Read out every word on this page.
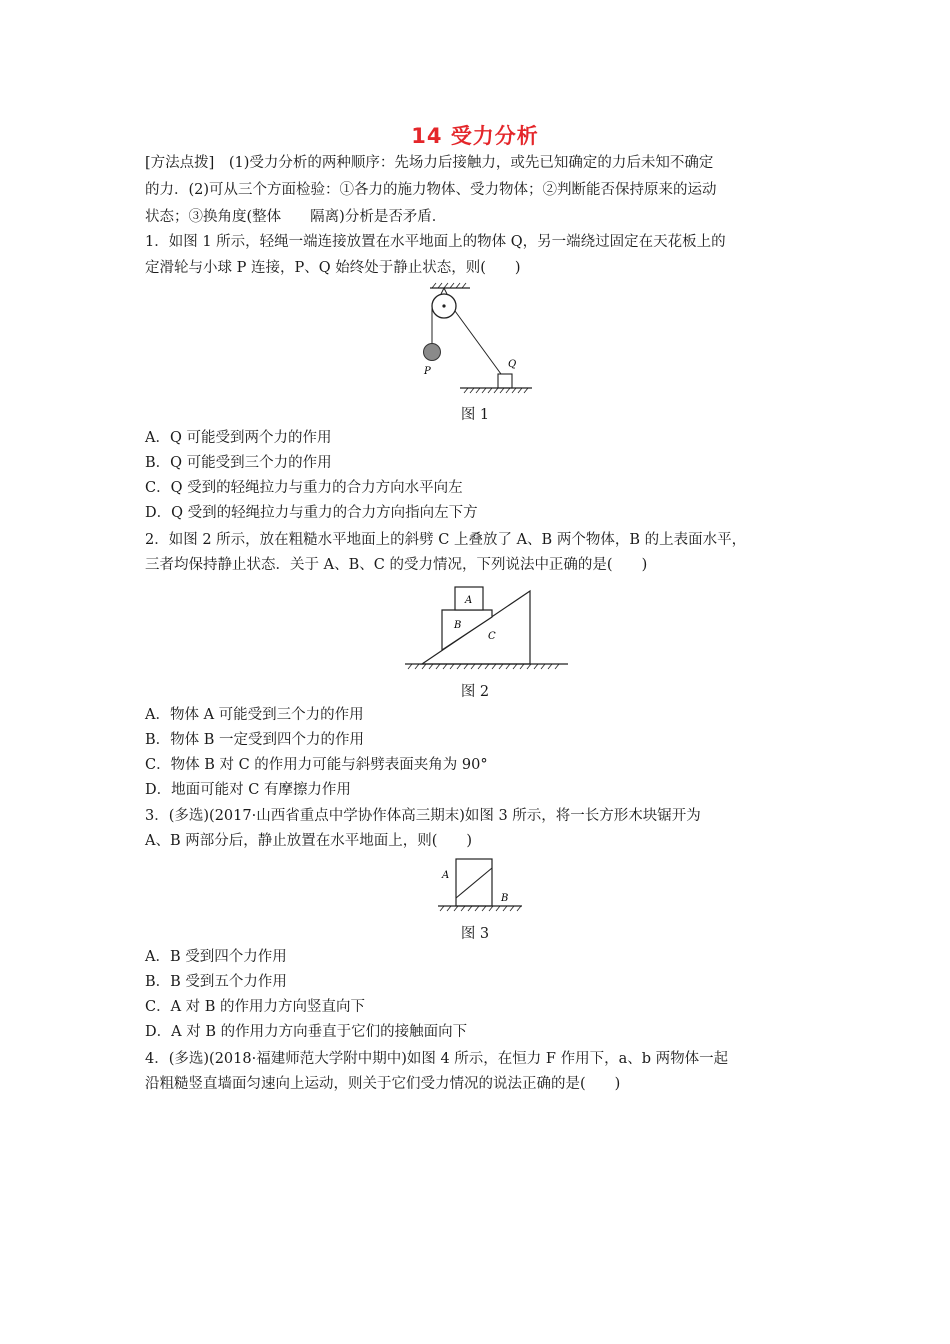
14 受力分析
[方法点拨]　(1)受力分析的两种顺序：先场力后接触力，或先已知确定的力后未知不确定
的力．(2)可从三个方面检验：①各力的施力物体、受力物体；②判断能否保持原来的运动
状态；③换角度(整体　　隔离)分析是否矛盾．
1．如图 1 所示，轻绳一端连接放置在水平地面上的物体 Q，另一端绕过固定在天花板上的
定滑轮与小球 P 连接，P、Q 始终处于静止状态，则(　　)
P
Q
图 1
A．Q 可能受到两个力的作用
B．Q 可能受到三个力的作用
C．Q 受到的轻绳拉力与重力的合力方向水平向左
D．Q 受到的轻绳拉力与重力的合力方向指向左下方
2．如图 2 所示，放在粗糙水平地面上的斜劈 C 上叠放了 A、B 两个物体，B 的上表面水平，
三者均保持静止状态．关于 A、B、C 的受力情况，下列说法中正确的是(　　)
A
B
C
图 2
A．物体 A 可能受到三个力的作用
B．物体 B 一定受到四个力的作用
C．物体 B 对 C 的作用力可能与斜劈表面夹角为 90°
D．地面可能对 C 有摩擦力作用
3．(多选)(2017·山西省重点中学协作体高三期末)如图 3 所示，将一长方形木块锯开为
A、B 两部分后，静止放置在水平地面上，则(　　)
A
B
图 3
A．B 受到四个力作用
B．B 受到五个力作用
C．A 对 B 的作用力方向竖直向下
D．A 对 B 的作用力方向垂直于它们的接触面向下
4．(多选)(2018·福建师范大学附中期中)如图 4 所示，在恒力 F 作用下，a、b 两物体一起
沿粗糙竖直墙面匀速向上运动，则关于它们受力情况的说法正确的是(　　)
